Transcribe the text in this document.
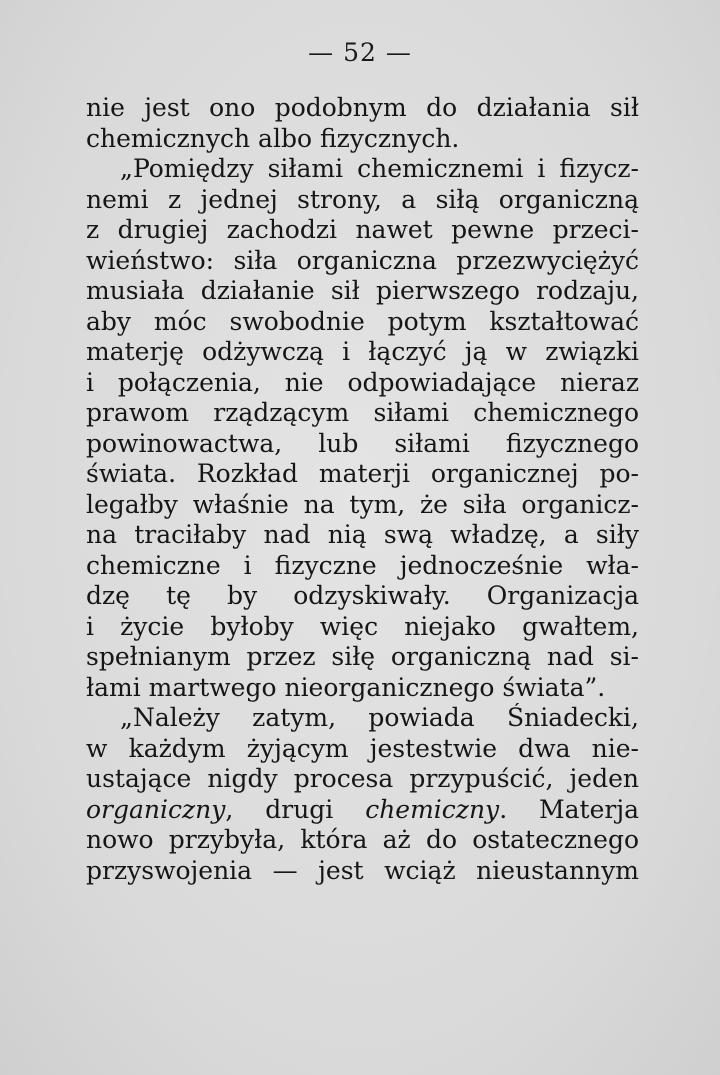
— 52 —
nie jest ono podobnym do działania sił
chemicznych albo fizycznych.
„Pomiędzy siłami chemicznemi i fizycz-
nemi z jednej strony, a siłą organiczną
z drugiej zachodzi nawet pewne przeci-
wieństwo: siła organiczna przezwyciężyć
musiała działanie sił pierwszego rodzaju,
aby móc swobodnie potym kształtować
materję odżywczą i łączyć ją w związki
i połączenia, nie odpowiadające nieraz
prawom rządzącym siłami chemicznego
powinowactwa, lub siłami fizycznego
świata. Rozkład materji organicznej po-
legałby właśnie na tym, że siła organicz-
na traciłaby nad nią swą władzę, a siły
chemiczne i fizyczne jednocześnie wła-
dzę tę by odzyskiwały. Organizacja
i życie byłoby więc niejako gwałtem,
spełnianym przez siłę organiczną nad si-
łami martwego nieorganicznego świata”.
„Należy zatym, powiada Śniadecki,
w każdym żyjącym jestestwie dwa nie-
ustające nigdy procesa przypuścić, jeden
organiczny, drugi chemiczny. Materja
nowo przybyła, która aż do ostatecznego
przyswojenia — jest wciąż nieustannym
